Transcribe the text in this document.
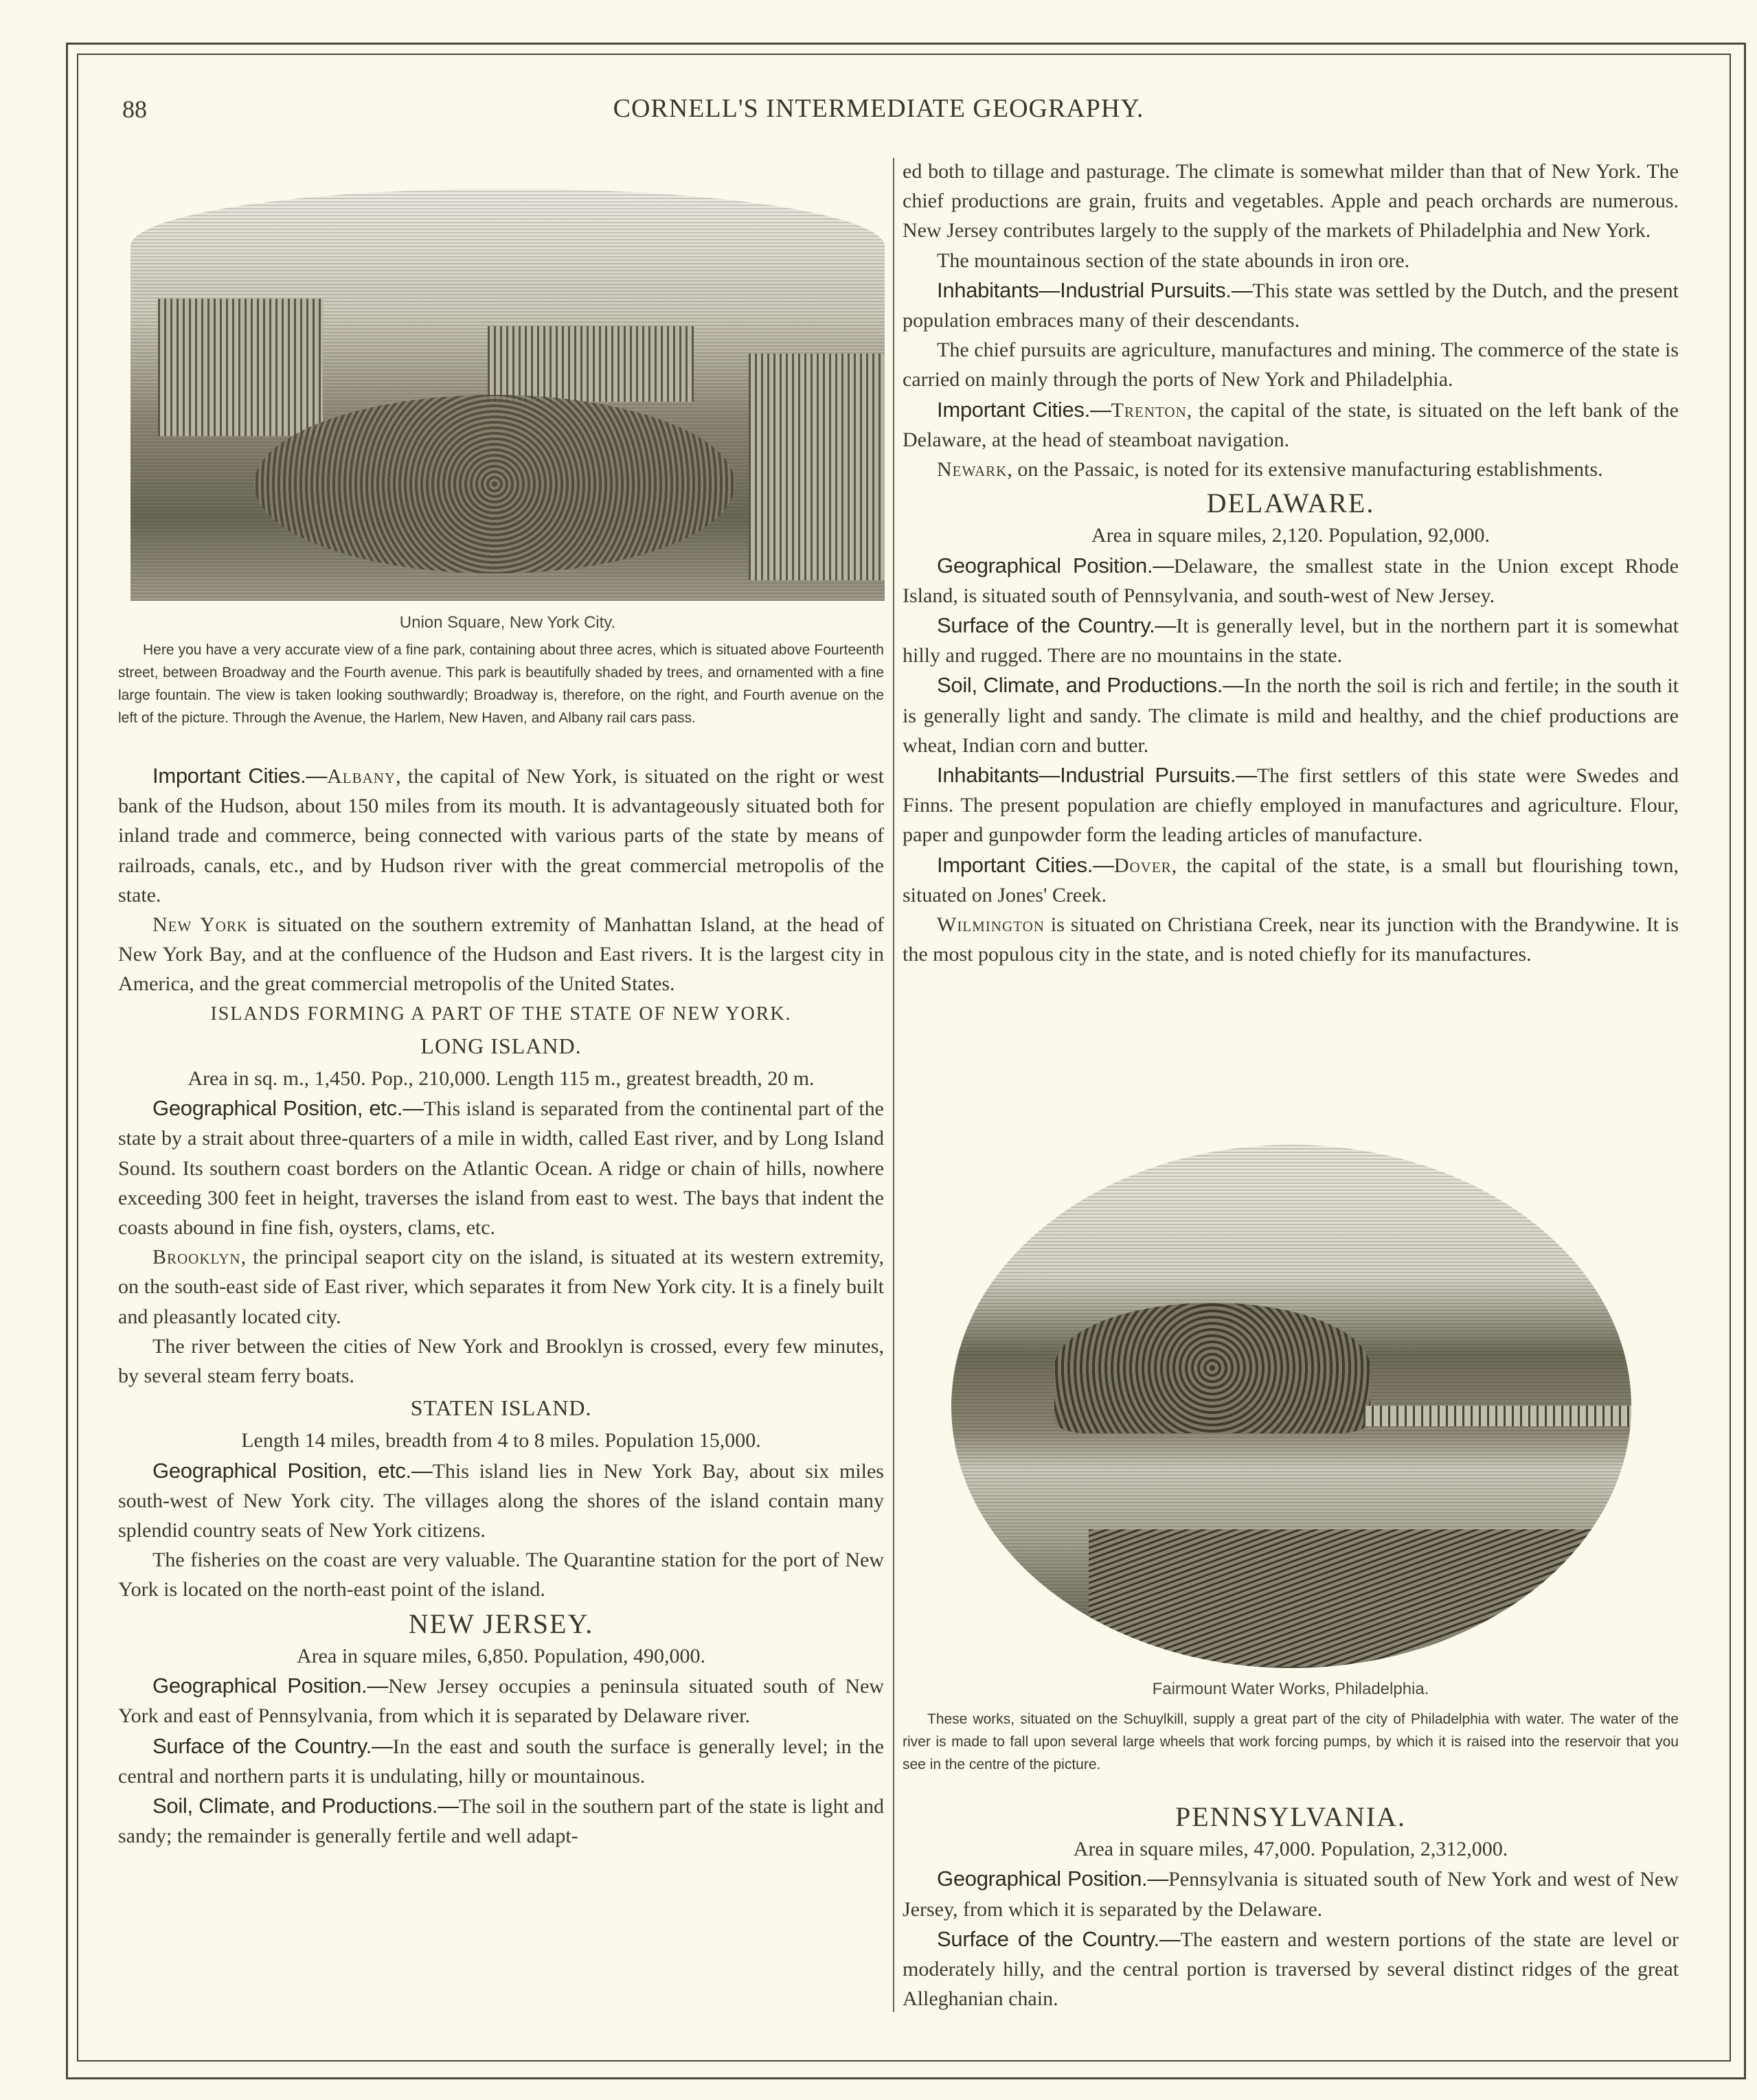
88	CORNELL'S INTERMEDIATE GEOGRAPHY.
Union Square, New York City.
Here you have a very accurate view of a fine park, containing about three acres, which is situated above Fourteenth street, between Broadway and the Fourth avenue. This park is beautifully shaded by trees, and ornamented with a fine large fountain. The view is taken looking southwardly; Broadway is, therefore, on the right, and Fourth avenue on the left of the picture. Through the Avenue, the Harlem, New Haven, and Albany rail cars pass.

Important Cities.—Albany, the capital of New York, is situated on the right or west bank of the Hudson, about 150 miles from its mouth. It is advantageously situated both for inland trade and commerce, being connected with various parts of the state by means of railroads, canals, etc., and by Hudson river with the great commercial metropolis of the state.

New York is situated on the southern extremity of Manhattan Island, at the head of New York Bay, and at the confluence of the Hudson and East rivers. It is the largest city in America, and the great commercial metropolis of the United States.

ISLANDS FORMING A PART OF THE STATE OF NEW YORK.

LONG ISLAND.

Area in sq. m., 1,450. Pop., 210,000. Length 115 m., greatest breadth, 20 m.

Geographical Position, etc.—This island is separated from the continental part of the state by a strait about three-quarters of a mile in width, called East river, and by Long Island Sound. Its southern coast borders on the Atlantic Ocean. A ridge or chain of hills, nowhere exceeding 300 feet in height, traverses the island from east to west. The bays that indent the coasts abound in fine fish, oysters, clams, etc.

Brooklyn, the principal seaport city on the island, is situated at its western extremity, on the south-east side of East river, which separates it from New York city. It is a finely built and pleasantly located city.

The river between the cities of New York and Brooklyn is crossed, every few minutes, by several steam ferry boats.

STATEN ISLAND.

Length 14 miles, breadth from 4 to 8 miles. Population 15,000.

Geographical Position, etc.—This island lies in New York Bay, about six miles south-west of New York city. The villages along the shores of the island contain many splendid country seats of New York citizens.

The fisheries on the coast are very valuable. The Quarantine station for the port of New York is located on the north-east point of the island.

NEW JERSEY.

Area in square miles, 6,850. Population, 490,000.

Geographical Position.—New Jersey occupies a peninsula situated south of New York and east of Pennsylvania, from which it is separated by Delaware river.

Surface of the Country.—In the east and south the surface is generally level; in the central and northern parts it is undulating, hilly or mountainous.

Soil, Climate, and Productions.—The soil in the southern part of the state is light and sandy; the remainder is generally fertile and well adapt-

ed both to tillage and pasturage. The climate is somewhat milder than that of New York. The chief productions are grain, fruits and vegetables. Apple and peach orchards are numerous. New Jersey contributes largely to the supply of the markets of Philadelphia and New York.

The mountainous section of the state abounds in iron ore.

Inhabitants—Industrial Pursuits.—This state was settled by the Dutch, and the present population embraces many of their descendants.

The chief pursuits are agriculture, manufactures and mining. The commerce of the state is carried on mainly through the ports of New York and Philadelphia.

Important Cities.—Trenton, the capital of the state, is situated on the left bank of the Delaware, at the head of steamboat navigation.

Newark, on the Passaic, is noted for its extensive manufacturing establishments.

DELAWARE.

Area in square miles, 2,120. Population, 92,000.

Geographical Position.—Delaware, the smallest state in the Union except Rhode Island, is situated south of Pennsylvania, and south-west of New Jersey.

Surface of the Country.—It is generally level, but in the northern part it is somewhat hilly and rugged. There are no mountains in the state.

Soil, Climate, and Productions.—In the north the soil is rich and fertile; in the south it is generally light and sandy. The climate is mild and healthy, and the chief productions are wheat, Indian corn and butter.

Inhabitants—Industrial Pursuits.—The first settlers of this state were Swedes and Finns. The present population are chiefly employed in manufactures and agriculture. Flour, paper and gunpowder form the leading articles of manufacture.

Important Cities.—Dover, the capital of the state, is a small but flourishing town, situated on Jones' Creek.

Wilmington is situated on Christiana Creek, near its junction with the Brandywine. It is the most populous city in the state, and is noted chiefly for its manufactures.

Fairmount Water Works, Philadelphia.
These works, situated on the Schuylkill, supply a great part of the city of Philadelphia with water. The water of the river is made to fall upon several large wheels that work forcing pumps, by which it is raised into the reservoir that you see in the centre of the picture.

PENNSYLVANIA.

Area in square miles, 47,000. Population, 2,312,000.

Geographical Position.—Pennsylvania is situated south of New York and west of New Jersey, from which it is separated by the Delaware.

Surface of the Country.—The eastern and western portions of the state are level or moderately hilly, and the central portion is traversed by several distinct ridges of the great Alleghanian chain.
